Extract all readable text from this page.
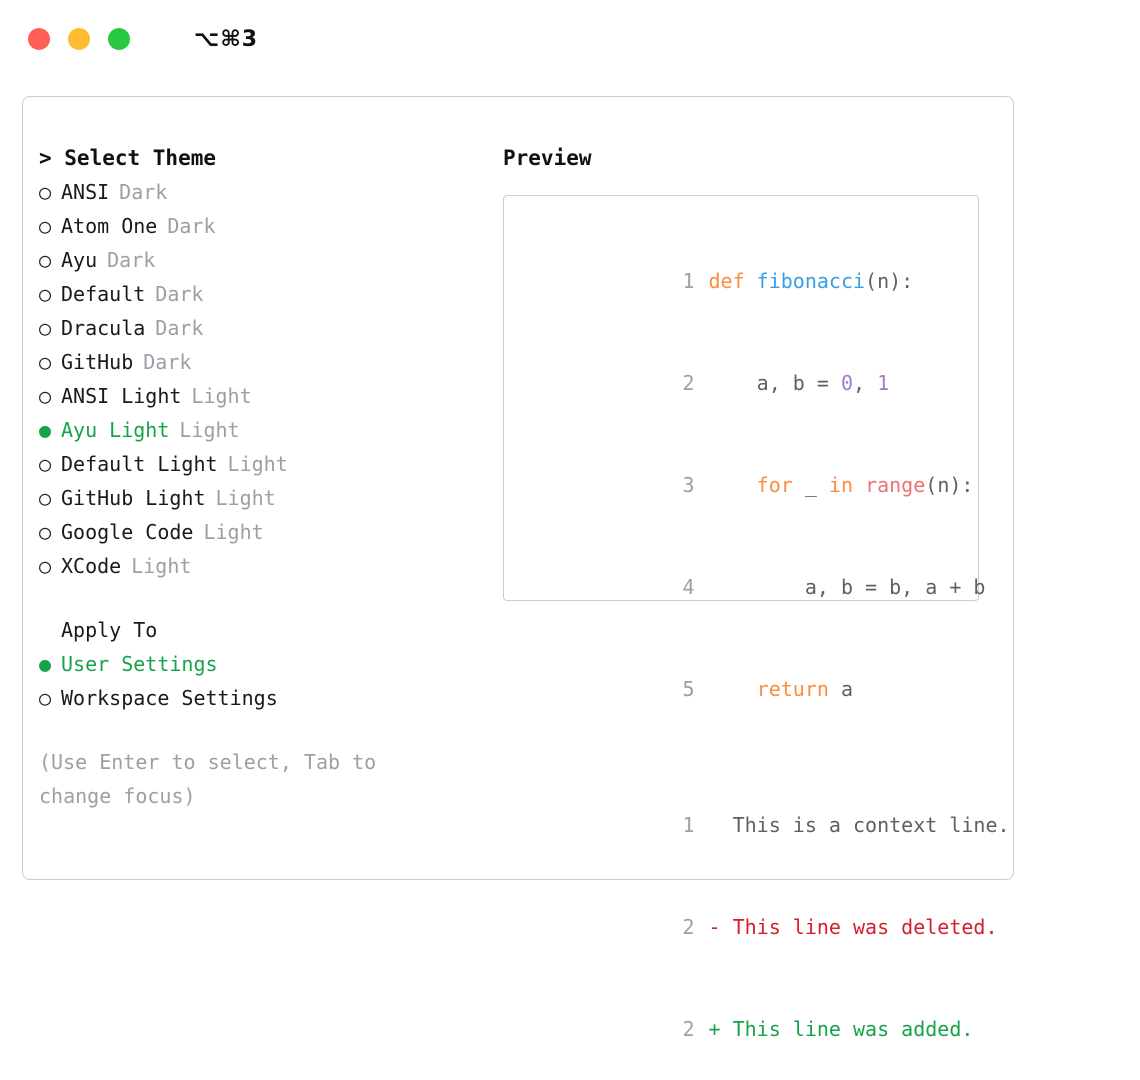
⌥⌘3
> Select Theme
○ ANSI Dark
○ Atom One Dark
○ Ayu Dark
○ Default Dark
○ Dracula Dark
○ GitHub Dark
○ ANSI Light Light
● Ayu Light Light
○ Default Light Light
○ GitHub Light Light
○ Google Code Light
○ XCode Light
Apply To
● User Settings
○ Workspace Settings
(Use Enter to select, Tab to change focus)
Preview

1 def fibonacci(n):

2    a, b = 0, 1

3	for _ in range(n):

4        a, b = b, a + b

5	return a

1  This is a context line.

2 - This line was deleted.

2 + This line was added.
